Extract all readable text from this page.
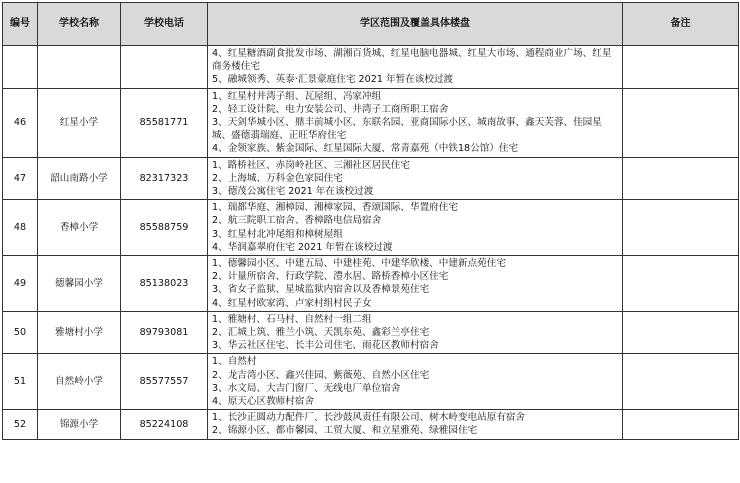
编号	学校名称	学校电话	学区范围及覆盖具体楼盘	备注

			4、红星糖酒副食批发市场、湖湘百货城、红星电脑电器城、红星大市场、通程商业广场、红星商务楼住宅
5、融城领秀、英泰·汇景豪庭住宅 2021 年暂在该校过渡	

46	红星小学	85581771	1、红星村井湾子组、瓦屋组、冯家冲组
2、轻工设计院、电力安装公司、井湾子工商所职工宿舍
3、天剑华城小区、鼎丰前城小区、东联名园、亚商国际小区、城南故事、鑫天芙蓉、佳园星城、盛德翡瑞庭、正旺华府住宅
4、金领家族、紫金国际、红星国际大厦、常青嘉苑（中铁18公馆）住宅	

47	韶山南路小学	82317323	1、路桥社区、赤岗岭社区、三湘社区居民住宅
2、上海城、万科金色家园住宅
3、德茂公寓住宅 2021 年在该校过渡	

48	香樟小学	85588759	1、瑞都华庭、湘樟园、湘樟家园、香颂国际、华置府住宅
2、航三院职工宿舍、香樟路电信局宿舍
3、红星村北冲尾组和樟树屋组
4、华润嘉翠府住宅 2021 年暂在该校过渡	

49	德馨园小学	85138023	1、德馨园小区、中建五局、中建桂苑、中建华欣楼、中建新点苑住宅
2、计量所宿舍、行政学院、澧水居、路桥香樟小区住宅
3、省女子监狱、星城监狱内宿舍以及香樟景苑住宅
4、红星村欧家湾、卢家村组村民子女	

50	雅塘村小学	89793081	1、雅塘村、石马村、自然村一组二组
2、汇城上筑、雅兰小筑、天凯东苑、鑫彩兰亭住宅
3、华云社区住宅、长丰公司住宅、雨花区教师村宿舍	

51	自然岭小学	85577557	1、自然村
2、龙吉湾小区、鑫兴佳园、紫薇苑、自然小区住宅
3、水文局、大吉门窗厂、无线电厂单位宿舍
4、原天心区教师村宿舍	

52	锦源小学	85224108	1、长沙正圆动力配件厂、长沙鼓风责任有限公司、树木岭变电站原有宿舍
2、锦源小区、都市馨园、工贸大厦、和立星雅苑、绿雅园住宅	
